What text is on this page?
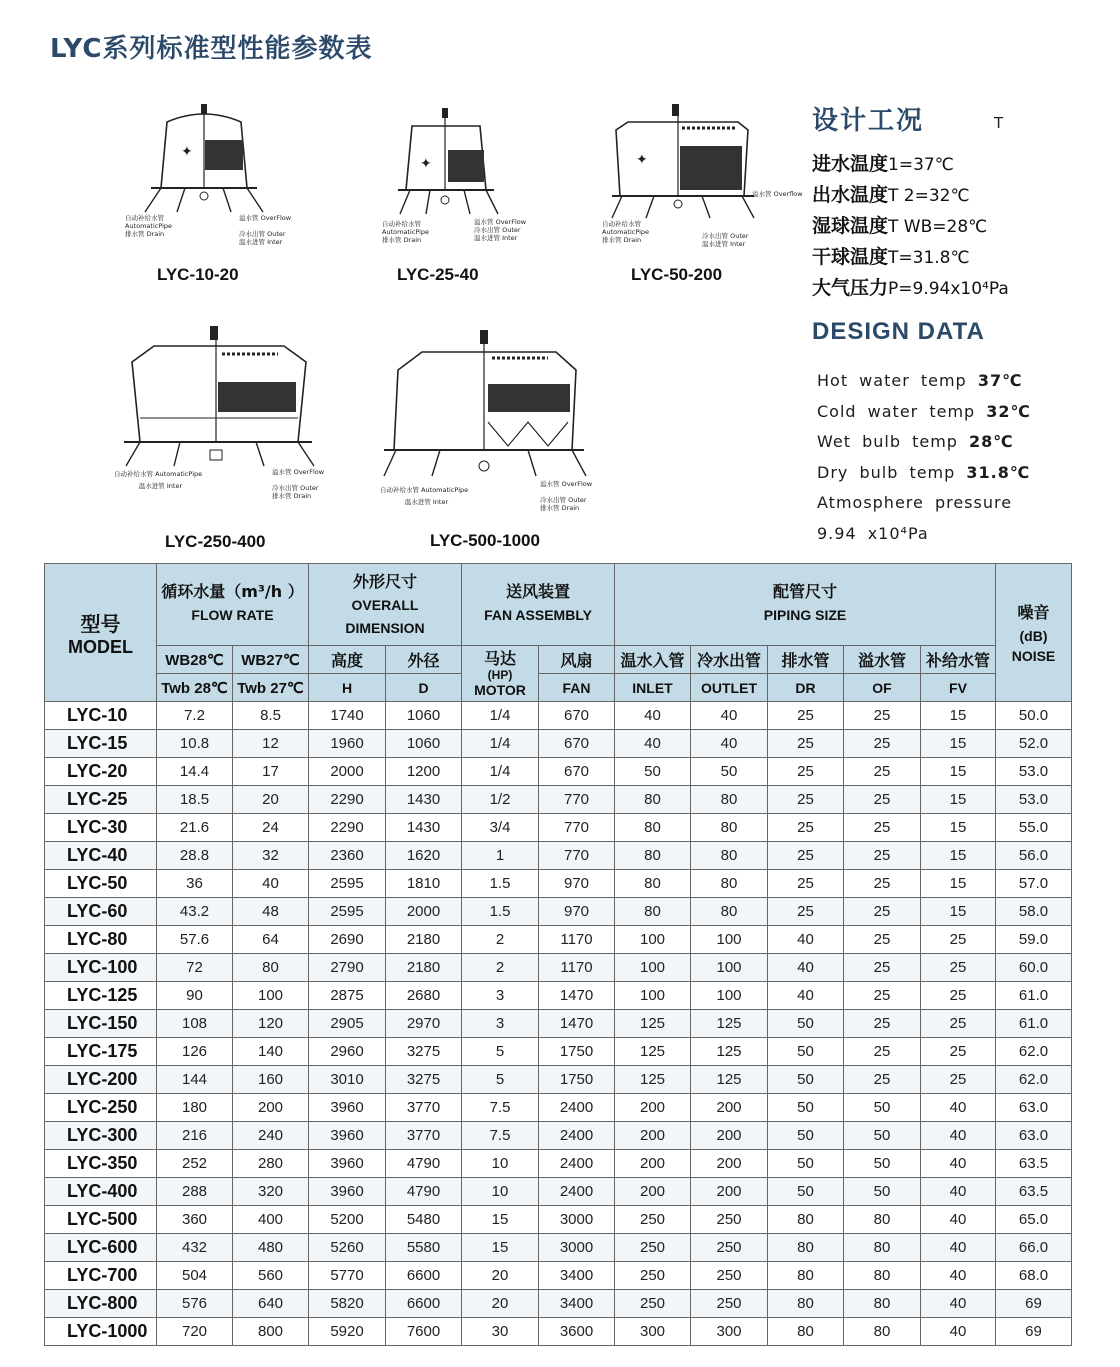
LYC系列标准型性能参数表
✦
自动补给水管
AutomaticPipe
排水管 Drain
溢水管 OverFlow

冷水出管 Outer
温水进管 Inter
LYC-10-20
✦
自动补给水管
AutomaticPipe
排水管 Drain
溢水管 OverFlow
冷水出管 Outer
温水进管 Inter
LYC-25-40
✦
自动补给水管
AutomaticPipe
排水管 Drain
溢水管 Overflow
冷水出管 Outer
温水进管 Inter
LYC-50-200
自动补给水管 AutomaticPipe
温水进管 Inter
溢水管 OverFlow

冷水出管 Outer
排水管 Drain
LYC-250-400
自动补给水管 AutomaticPipe
温水进管 Inter
溢水管 OverFlow

冷水出管 Outer
排水管 Drain
LYC-500-1000
设计工况	T
进水温度1=37℃
出水温度T 2=32℃
湿球温度T WB=28℃
干球温度T=31.8℃
大气压力P=9.94x10⁴Pa
DESIGN DATA
Hot water temp 37℃
Cold water temp 32℃
Wet bulb temp 28℃
Dry bulb temp 31.8℃
Atmosphere pressure
9.94 x10⁴Pa
型号
MODEL	循环水量（m³/h ）
FLOW RATE		外形尺寸
OVERALL
DIMENSION		送风装置
FAN ASSEMBLY		配管尺寸
PIPING SIZE					噪音
(dB)
NOISE

	WB28℃	WB27℃	高度	外径	马达
(HP)
MOTOR	风扇	温水入管	冷水出管	排水管	溢水管	补给水管	
	Twb 28℃	Twb 27℃	H	D		FAN	INLET	OUTLET	DR	OF	FV	
LYC-10	7.2	8.5	1740	1060	1/4	670	40	40	25	25	15	50.0
LYC-15	10.8	12	1960	1060	1/4	670	40	40	25	25	15	52.0
LYC-20	14.4	17	2000	1200	1/4	670	50	50	25	25	15	53.0
LYC-25	18.5	20	2290	1430	1/2	770	80	80	25	25	15	53.0
LYC-30	21.6	24	2290	1430	3/4	770	80	80	25	25	15	55.0
LYC-40	28.8	32	2360	1620	1	770	80	80	25	25	15	56.0
LYC-50	36	40	2595	1810	1.5	970	80	80	25	25	15	57.0
LYC-60	43.2	48	2595	2000	1.5	970	80	80	25	25	15	58.0
LYC-80	57.6	64	2690	2180	2	1170	100	100	40	25	25	59.0
LYC-100	72	80	2790	2180	2	1170	100	100	40	25	25	60.0
LYC-125	90	100	2875	2680	3	1470	100	100	40	25	25	61.0
LYC-150	108	120	2905	2970	3	1470	125	125	50	25	25	61.0
LYC-175	126	140	2960	3275	5	1750	125	125	50	25	25	62.0
LYC-200	144	160	3010	3275	5	1750	125	125	50	25	25	62.0
LYC-250	180	200	3960	3770	7.5	2400	200	200	50	50	40	63.0
LYC-300	216	240	3960	3770	7.5	2400	200	200	50	50	40	63.0
LYC-350	252	280	3960	4790	10	2400	200	200	50	50	40	63.5
LYC-400	288	320	3960	4790	10	2400	200	200	50	50	40	63.5
LYC-500	360	400	5200	5480	15	3000	250	250	80	80	40	65.0
LYC-600	432	480	5260	5580	15	3000	250	250	80	80	40	66.0
LYC-700	504	560	5770	6600	20	3400	250	250	80	80	40	68.0
LYC-800	576	640	5820	6600	20	3400	250	250	80	80	40	69
LYC-1000	720	800	5920	7600	30	3600	300	300	80	80	40	69
